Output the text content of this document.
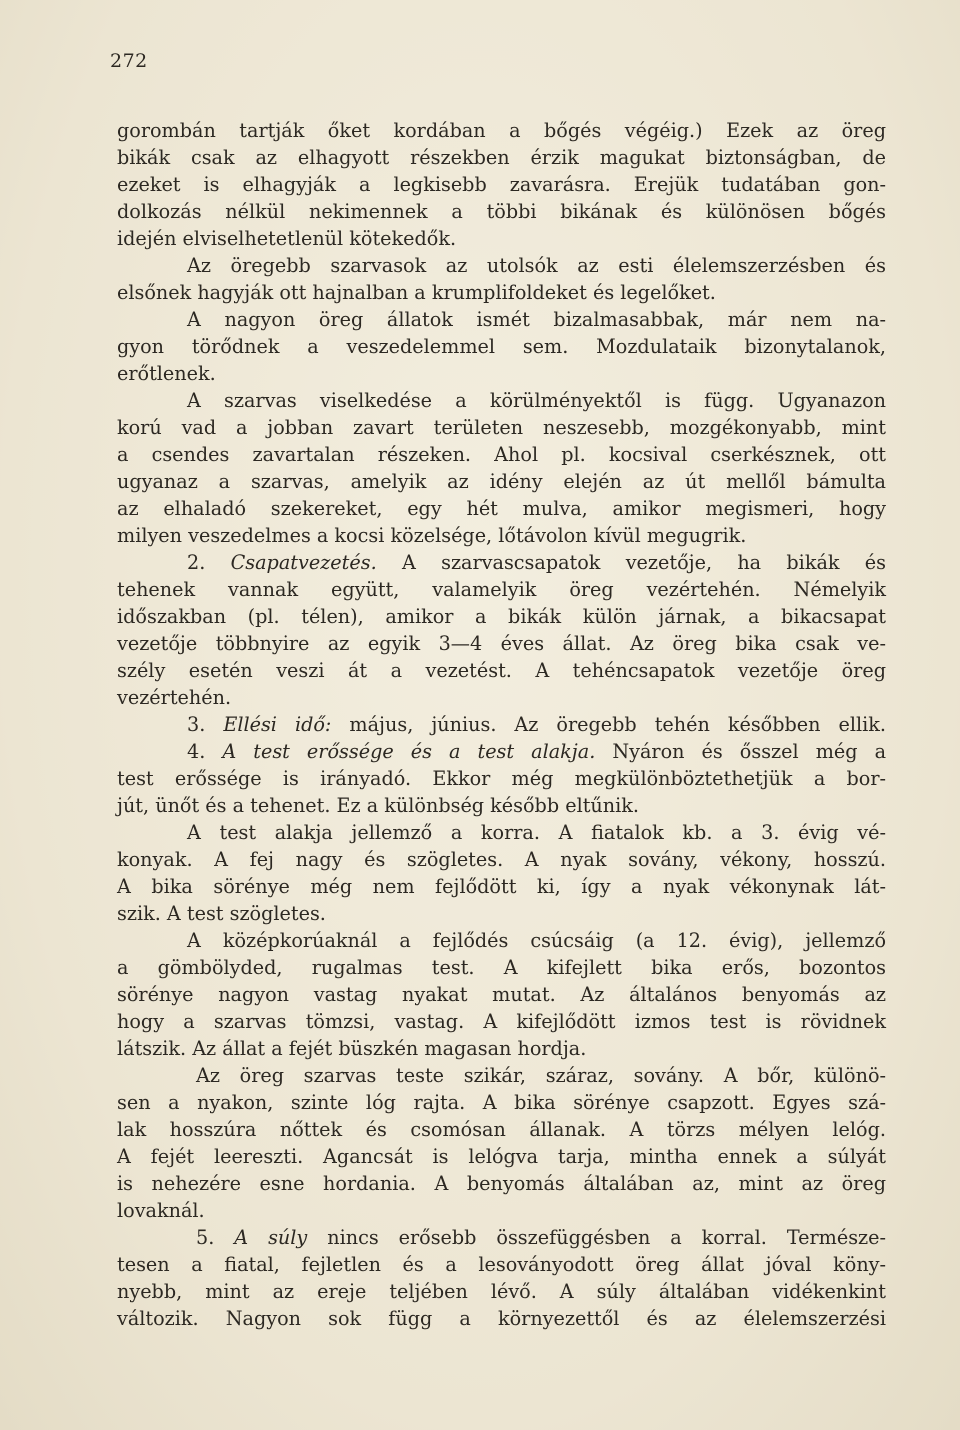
272
gorombán tartják őket kordában a bőgés végéig.) Ezek az öreg
bikák csak az elhagyott részekben érzik magukat biztonságban, de
ezeket is elhagyják a legkisebb zavarásra. Erejük tudatában gon-
dolkozás nélkül nekimennek a többi bikának és különösen bőgés
idején elviselhetetlenül kötekedők.
Az öregebb szarvasok az utolsók az esti élelemszerzésben és
elsőnek hagyják ott hajnalban a krumplifoldeket és legelőket.
A nagyon öreg állatok ismét bizalmasabbak, már nem na-
gyon törődnek a veszedelemmel sem. Mozdulataik bizonytalanok,
erőtlenek.
A szarvas viselkedése a körülményektől is függ. Ugyanazon
korú vad a jobban zavart területen neszesebb, mozgékonyabb, mint
a csendes zavartalan részeken. Ahol pl. kocsival cserkésznek, ott
ugyanaz a szarvas, amelyik az idény elején az út mellől bámulta
az elhaladó szekereket, egy hét mulva, amikor megismeri, hogy
milyen veszedelmes a kocsi közelsége, lőtávolon kívül megugrik.
2. Csapatvezetés. A szarvascsapatok vezetője, ha bikák és
tehenek vannak együtt, valamelyik öreg vezértehén. Némelyik
időszakban (pl. télen), amikor a bikák külön járnak, a bikacsapat
vezetője többnyire az egyik 3—4 éves állat. Az öreg bika csak ve-
szély esetén veszi át a vezetést. A tehéncsapatok vezetője öreg
vezértehén.
3. Ellési idő: május, június. Az öregebb tehén későbben ellik.
4. A test erőssége és a test alakja. Nyáron és ősszel még a
test erőssége is irányadó. Ekkor még megkülönböztethetjük a bor-
jút, ünőt és a tehenet. Ez a különbség később eltűnik.
A test alakja jellemző a korra. A fiatalok kb. a 3. évig vé-
konyak. A fej nagy és szögletes. A nyak sovány, vékony, hosszú.
A bika sörénye még nem fejlődött ki, így a nyak vékonynak lát-
szik. A test szögletes.
A középkorúaknál a fejlődés csúcsáig (a 12. évig), jellemző
a gömbölyded, rugalmas test. A kifejlett bika erős, bozontos
sörénye nagyon vastag nyakat mutat. Az általános benyomás az
hogy a szarvas tömzsi, vastag. A kifejlődött izmos test is rövidnek
látszik. Az állat a fejét büszkén magasan hordja.
Az öreg szarvas teste szikár, száraz, sovány. A bőr, különö-
sen a nyakon, szinte lóg rajta. A bika sörénye csapzott. Egyes szá-
lak hosszúra nőttek és csomósan állanak. A törzs mélyen lelóg.
A fejét leereszti. Agancsát is lelógva tarja, mintha ennek a súlyát
is nehezére esne hordania. A benyomás általában az, mint az öreg
lovaknál.
5. A súly nincs erősebb összefüggésben a korral. Természe-
tesen a fiatal, fejletlen és a lesoványodott öreg állat jóval köny-
nyebb, mint az ereje teljében lévő. A súly általában vidékenkint
változik. Nagyon sok függ a környezettől és az élelemszerzési
